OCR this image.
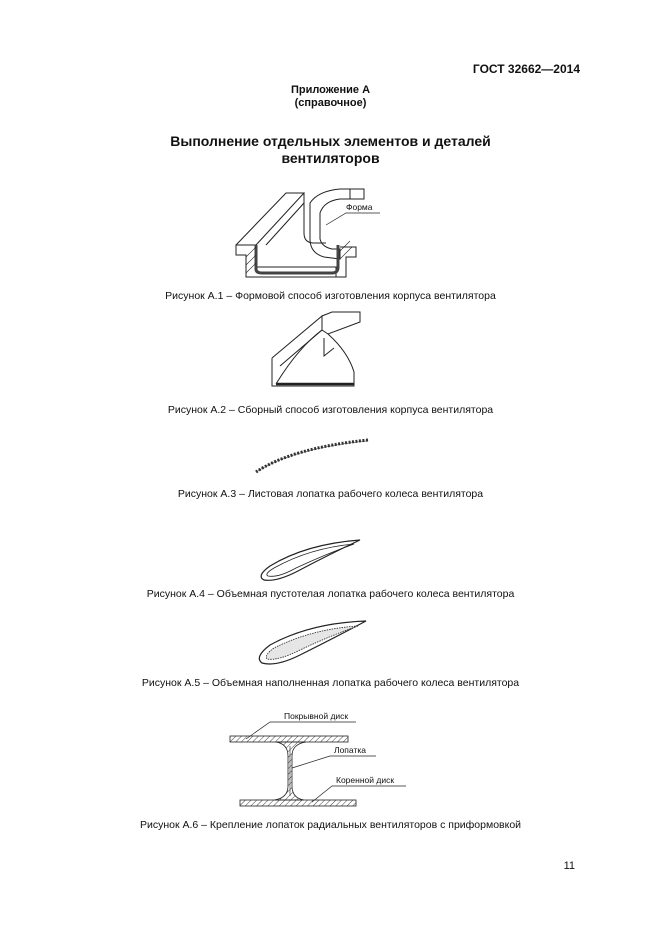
ГОСТ 32662—2014
Приложение А
(справочное)
Выполнение отдельных элементов и деталей
вентиляторов
Форма
Рисунок А.1 – Формовой способ изготовления корпуса вентилятора
Рисунок А.2 – Сборный способ изготовления корпуса вентилятора
Рисунок А.3 – Листовая лопатка рабочего колеса вентилятора
Рисунок А.4 – Объемная пустотелая лопатка рабочего колеса вентилятора
Рисунок А.5 – Объемная наполненная лопатка рабочего колеса вентилятора
Покрывной диск
Лопатка
Коренной диск
Рисунок А.6 – Крепление лопаток радиальных вентиляторов с приформовкой
11
